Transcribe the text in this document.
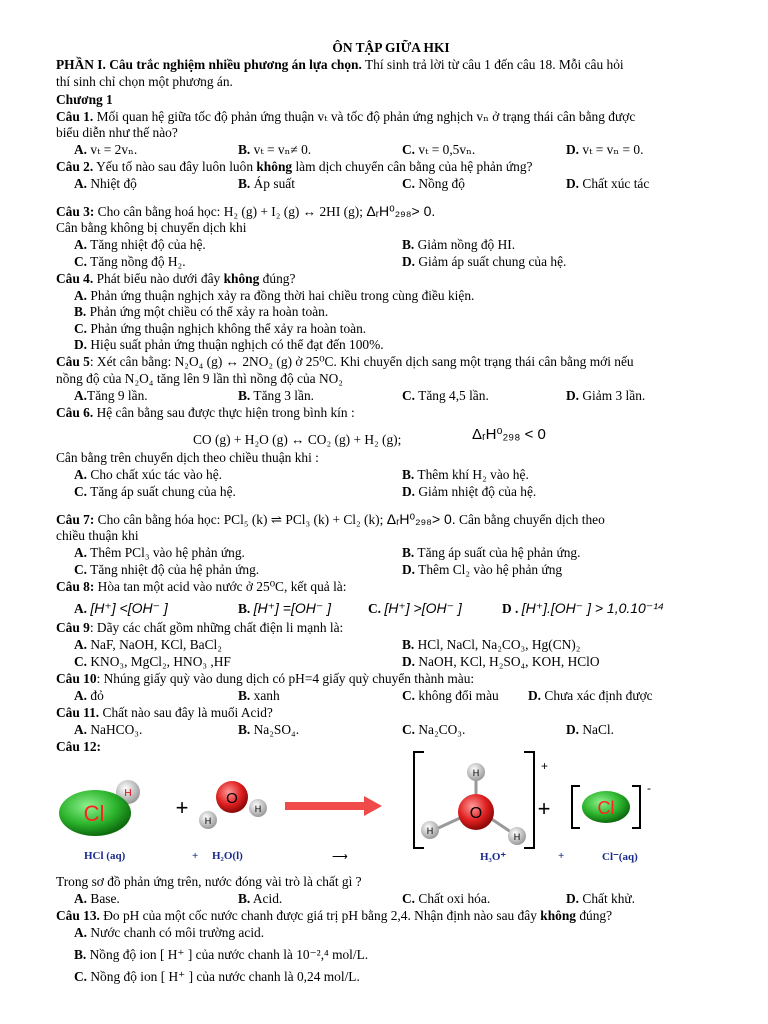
ÔN TẬP GIỮA HKI
PHẦN I. Câu trắc nghiệm nhiều phương án lựa chọn. Thí sinh trả lời từ câu 1 đến câu 18. Mỗi câu hỏi
thí sinh chỉ chọn một phương án.
Chương 1
Câu 1. Mối quan hệ giữa tốc độ phản ứng thuận vₜ và tốc độ phản ứng nghịch vₙ ở trạng thái cân bằng được
biểu diễn như thế nào?
A. vₜ = 2vₙ.	B. vₜ = vₙ≠ 0.	C. vₜ = 0,5vₙ.	D. vₜ = vₙ = 0.
Câu 2. Yếu tố nào sau đây luôn luôn không làm dịch chuyển cân bằng của hệ phản ứng?
A. Nhiệt độ	B. Áp suất	C. Nồng độ	D. Chất xúc tác
Câu 3: Cho cân bằng hoá học: H₂ (g) + I₂ (g) ↔ 2HI (g); ΔᵣH⁰₂₉₈> 0.
Cân bằng không bị chuyển dịch khi
A. Tăng nhiệt độ của hệ.	B. Giảm nồng độ HI.
C. Tăng nồng độ H₂.	D. Giảm áp suất chung của hệ.
Câu 4. Phát biểu nào dưới đây không đúng?
A. Phản ứng thuận nghịch xảy ra đồng thời hai chiều trong cùng điều kiện.
B. Phản ứng một chiều có thể xảy ra hoàn toàn.
C. Phản ứng thuận nghịch không thể xảy ra hoàn toàn.
D. Hiệu suất phản ứng thuận nghịch có thể đạt đến 100%.
Câu 5: Xét cân bằng: N₂O₄ (g) ↔ 2NO₂ (g) ở 25⁰C. Khi chuyển dịch sang một trạng thái cân bằng mới nếu
nồng độ của N₂O₄ tăng lên 9 lần thì nồng độ của NO₂
A.Tăng 9 lần.	B. Tăng 3 lần.	C. Tăng 4,5 lần.	D. Giảm 3 lần.
Câu 6. Hệ cân bằng sau được thực hiện trong bình kín :
CO (g) + H₂O (g) ↔ CO₂ (g) + H₂ (g);	ΔᵣH⁰₂₉₈ < 0
Cân bằng trên chuyển dịch theo chiều thuận khi :
A. Cho chất xúc tác vào hệ.	B. Thêm khí H₂ vào hệ.
C. Tăng áp suất chung của hệ.	D. Giảm nhiệt độ của hệ.
Câu 7: Cho cân bằng hóa học: PCl₅ (k) ⇌ PCl₃ (k) + Cl₂ (k); ΔᵣH⁰₂₉₈> 0. Cân bằng chuyển dịch theo
chiều thuận khi
A. Thêm PCl₃ vào hệ phản ứng.	B. Tăng áp suất của hệ phản ứng.
C. Tăng nhiệt độ của hệ phản ứng.	D. Thêm Cl₂ vào hệ phản ứng
Câu 8: Hòa tan một acid vào nước ở 25⁰C, kết quả là:
A. [H⁺] <[OH⁻ ]	B. [H⁺] =[OH⁻ ]	C. [H⁺] >[OH⁻ ]	D . [H⁺].[OH⁻ ] > 1,0.10⁻¹⁴
Câu 9: Dãy các chất gồm những chất điện li mạnh là:
A. NaF, NaOH, KCl, BaCl₂	B. HCl, NaCl, Na₂CO₃, Hg(CN)₂
C. KNO₃, MgCl₂, HNO₃ ,HF	D. NaOH, KCl, H₂SO₄, KOH, HClO
Câu 10: Nhúng giấy quỳ vào dung dịch có pH=4 giấy quỳ chuyển thành màu:
A. đỏ	B. xanh	C. không đổi màu D. Chưa xác định được
Câu 11. Chất nào sau đây là muối Acid?
A. NaHCO₃.	B. Na₂SO₄.	C. Na₂CO₃.	D. NaCl.
Câu 12:
H
Cl	+
H
H
O
+
H
H
H
O	+
-
Cl
HCl (aq)	+ H₂O(l)	⟶	H₃O⁺	+	Cl⁻(aq)
Trong sơ đồ phản ứng trên, nước đóng vài trò là chất gì ?
A. Base.	B. Acid.	C. Chất oxi hóa.	D. Chất khử.
Câu 13. Đo pH của một cốc nước chanh được giá trị pH bằng 2,4. Nhận định nào sau đây không đúng?
A. Nước chanh có môi trường acid.
B. Nồng độ ion [ H⁺ ] của nước chanh là 10⁻²,⁴ mol/L.
C. Nồng độ ion [ H⁺ ] của nước chanh là 0,24 mol/L.
